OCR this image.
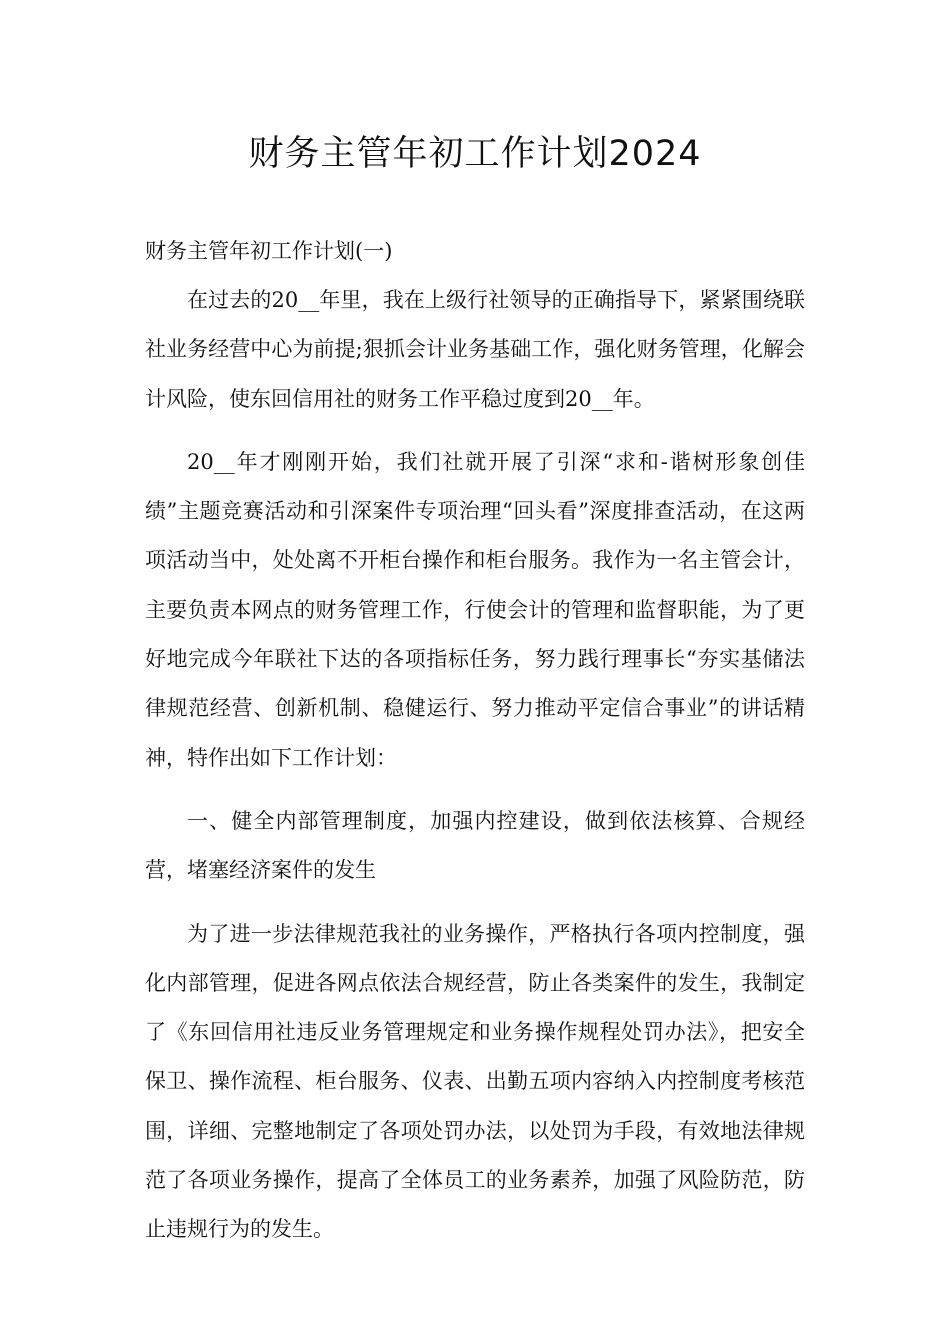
财务主管年初工作计划2024

财务主管年初工作计划(一)

在过去的20__年里，我在上级行社领导的正确指导下，紧紧围绕联社业务经营中心为前提;狠抓会计业务基础工作，强化财务管理，化解会计风险，使东回信用社的财务工作平稳过度到20__年。

20__年才刚刚开始，我们社就开展了引深“求和-谐树形象创佳绩”主题竞赛活动和引深案件专项治理“回头看”深度排查活动，在这两项活动当中，处处离不开柜台操作和柜台服务。我作为一名主管会计，主要负责本网点的财务管理工作，行使会计的管理和监督职能，为了更好地完成今年联社下达的各项指标任务，努力践行理事长“夯实基储法律规范经营、创新机制、稳健运行、努力推动平定信合事业”的讲话精神，特作出如下工作计划：

一、健全内部管理制度，加强内控建设，做到依法核算、合规经营，堵塞经济案件的发生

为了进一步法律规范我社的业务操作，严格执行各项内控制度，强化内部管理，促进各网点依法合规经营，防止各类案件的发生，我制定了《东回信用社违反业务管理规定和业务操作规程处罚办法》，把安全保卫、操作流程、柜台服务、仪表、出勤五项内容纳入内控制度考核范围，详细、完整地制定了各项处罚办法，以处罚为手段，有效地法律规范了各项业务操作，提高了全体员工的业务素养，加强了风险防范，防止违规行为的发生。
